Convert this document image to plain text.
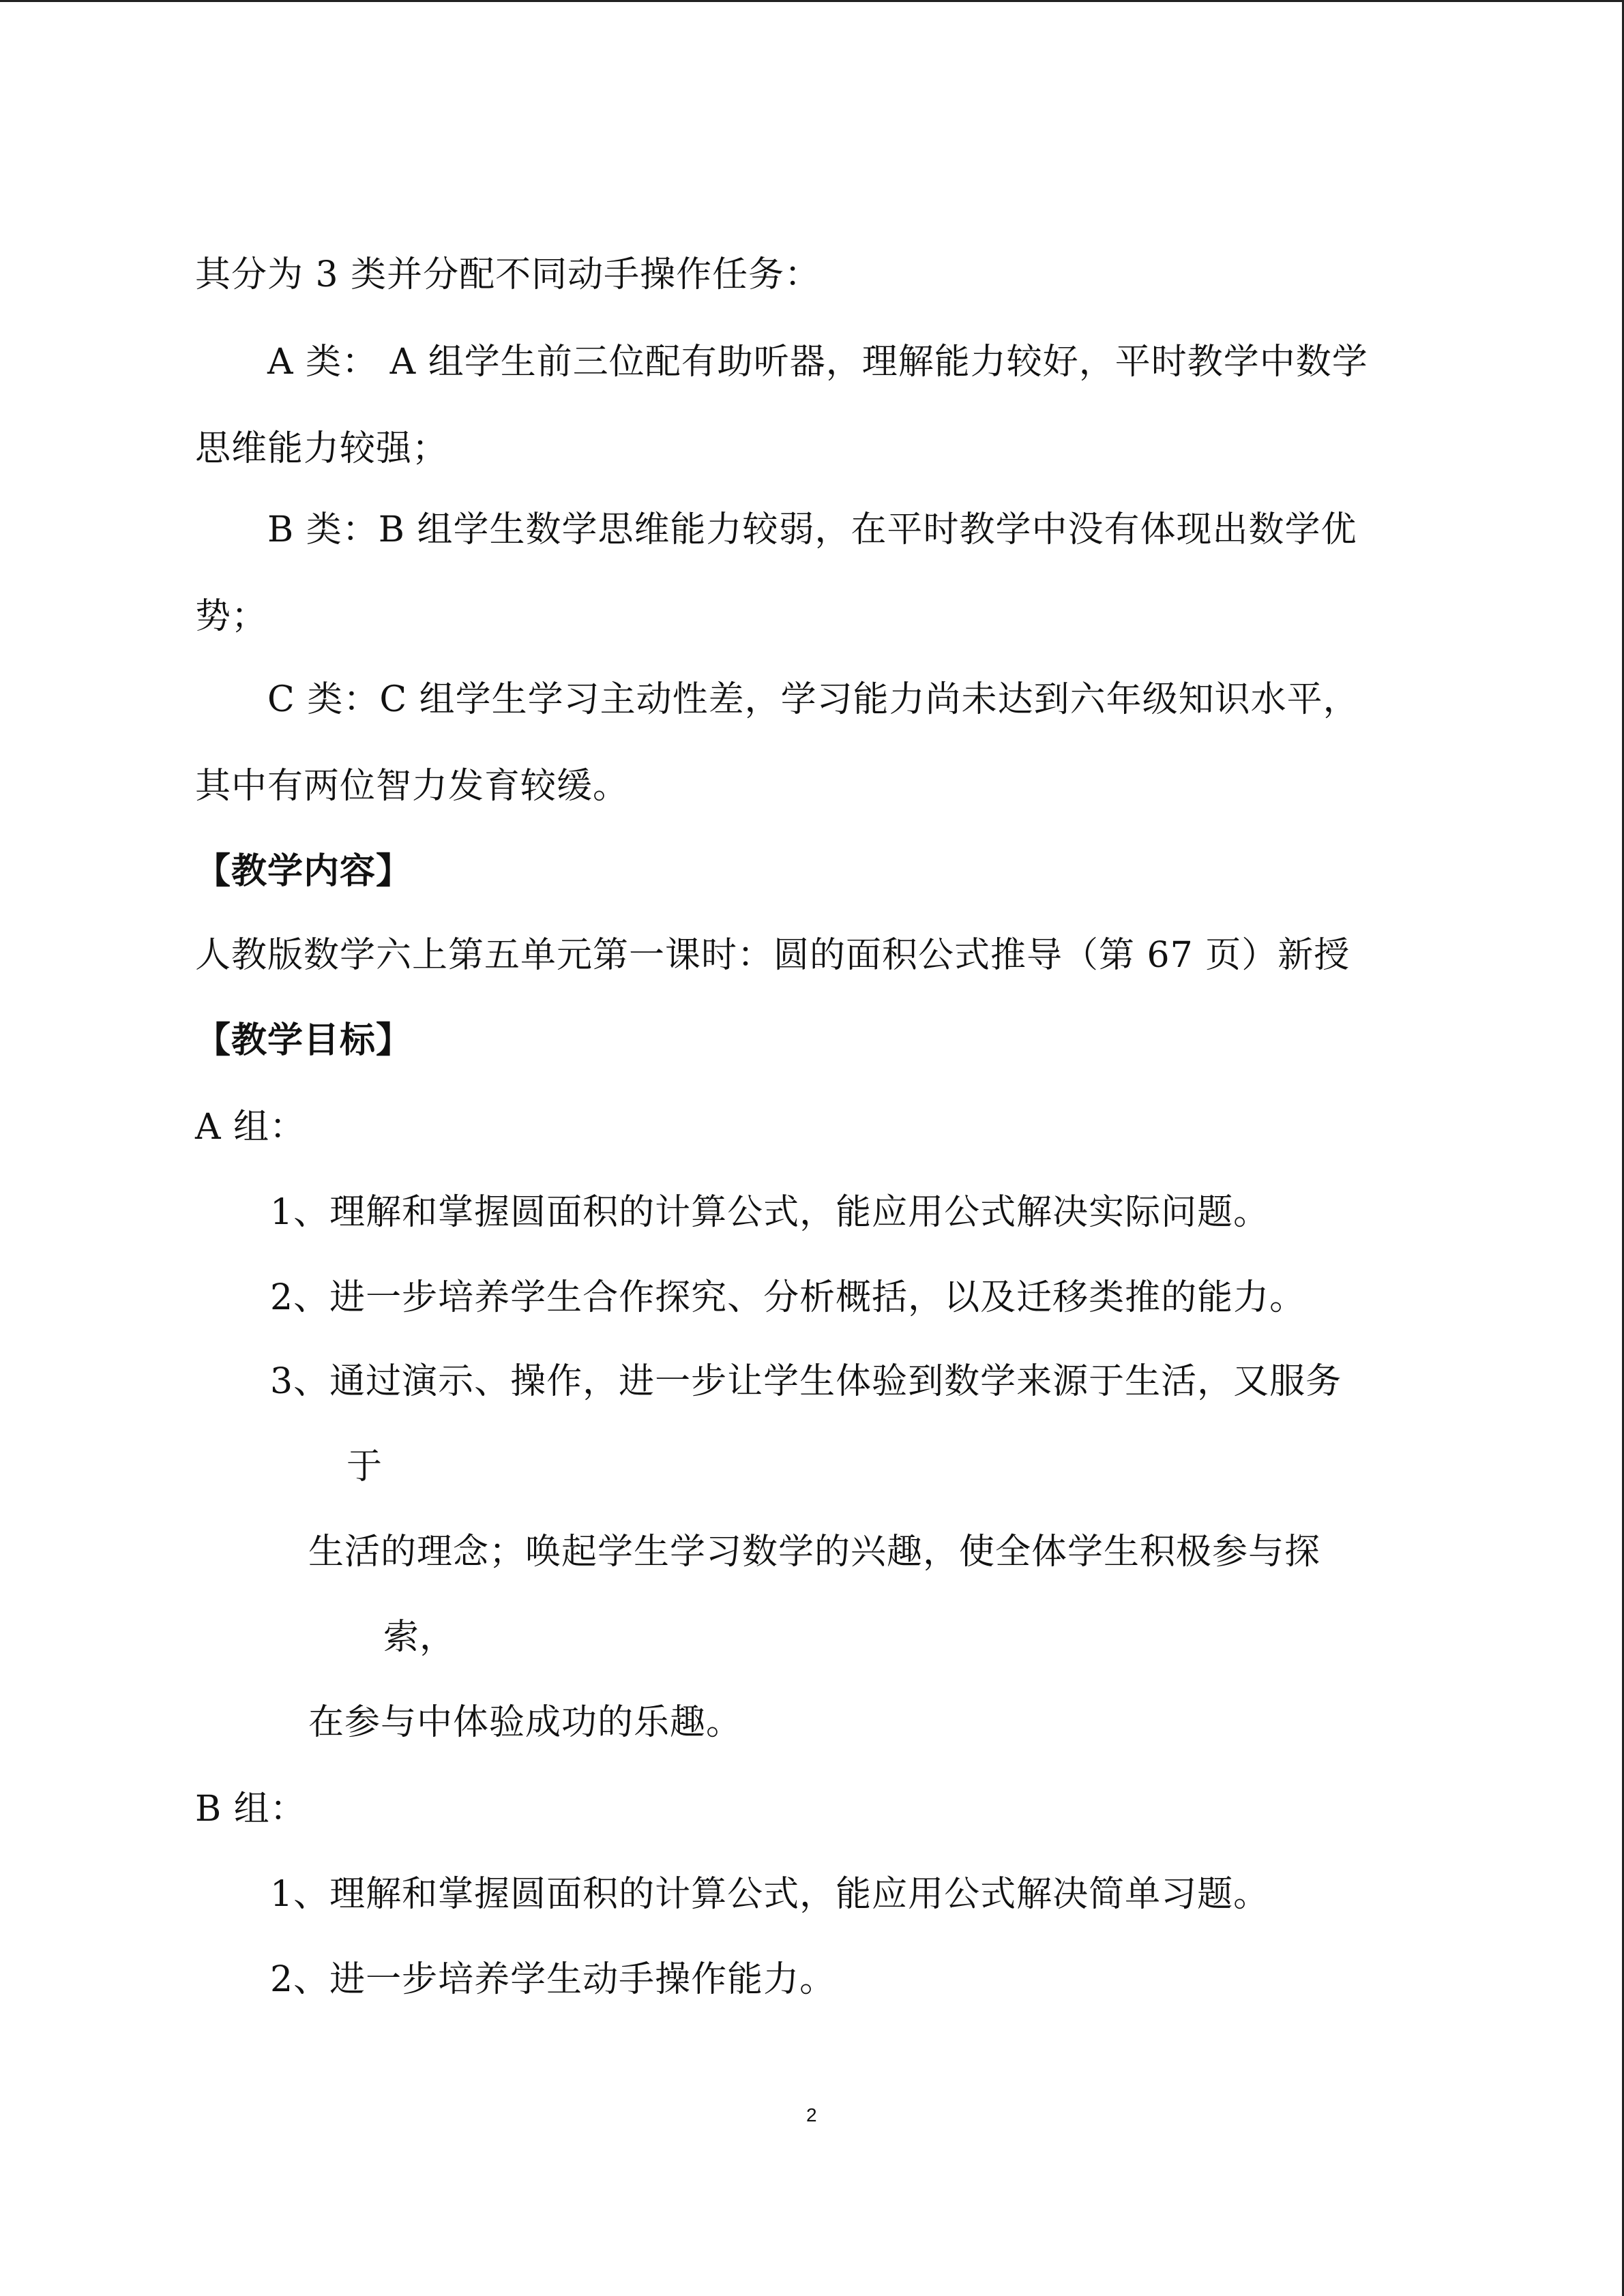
其分为 3 类并分配不同动手操作任务：
A 类： A 组学生前三位配有助听器，理解能力较好，平时教学中数学
思维能力较强；
B 类：B 组学生数学思维能力较弱，在平时教学中没有体现出数学优
势；
C 类：C 组学生学习主动性差，学习能力尚未达到六年级知识水平，
其中有两位智力发育较缓。
【教学内容】
人教版数学六上第五单元第一课时：圆的面积公式推导（第 67 页）新授
【教学目标】
A 组：
1、理解和掌握圆面积的计算公式，能应用公式解决实际问题。
2、进一步培养学生合作探究、分析概括，以及迁移类推的能力。
3、通过演示、操作，进一步让学生体验到数学来源于生活，又服务
于
生活的理念；唤起学生学习数学的兴趣，使全体学生积极参与探
索，
在参与中体验成功的乐趣。
B 组：
1、理解和掌握圆面积的计算公式，能应用公式解决简单习题。
2、进一步培养学生动手操作能力。
2
